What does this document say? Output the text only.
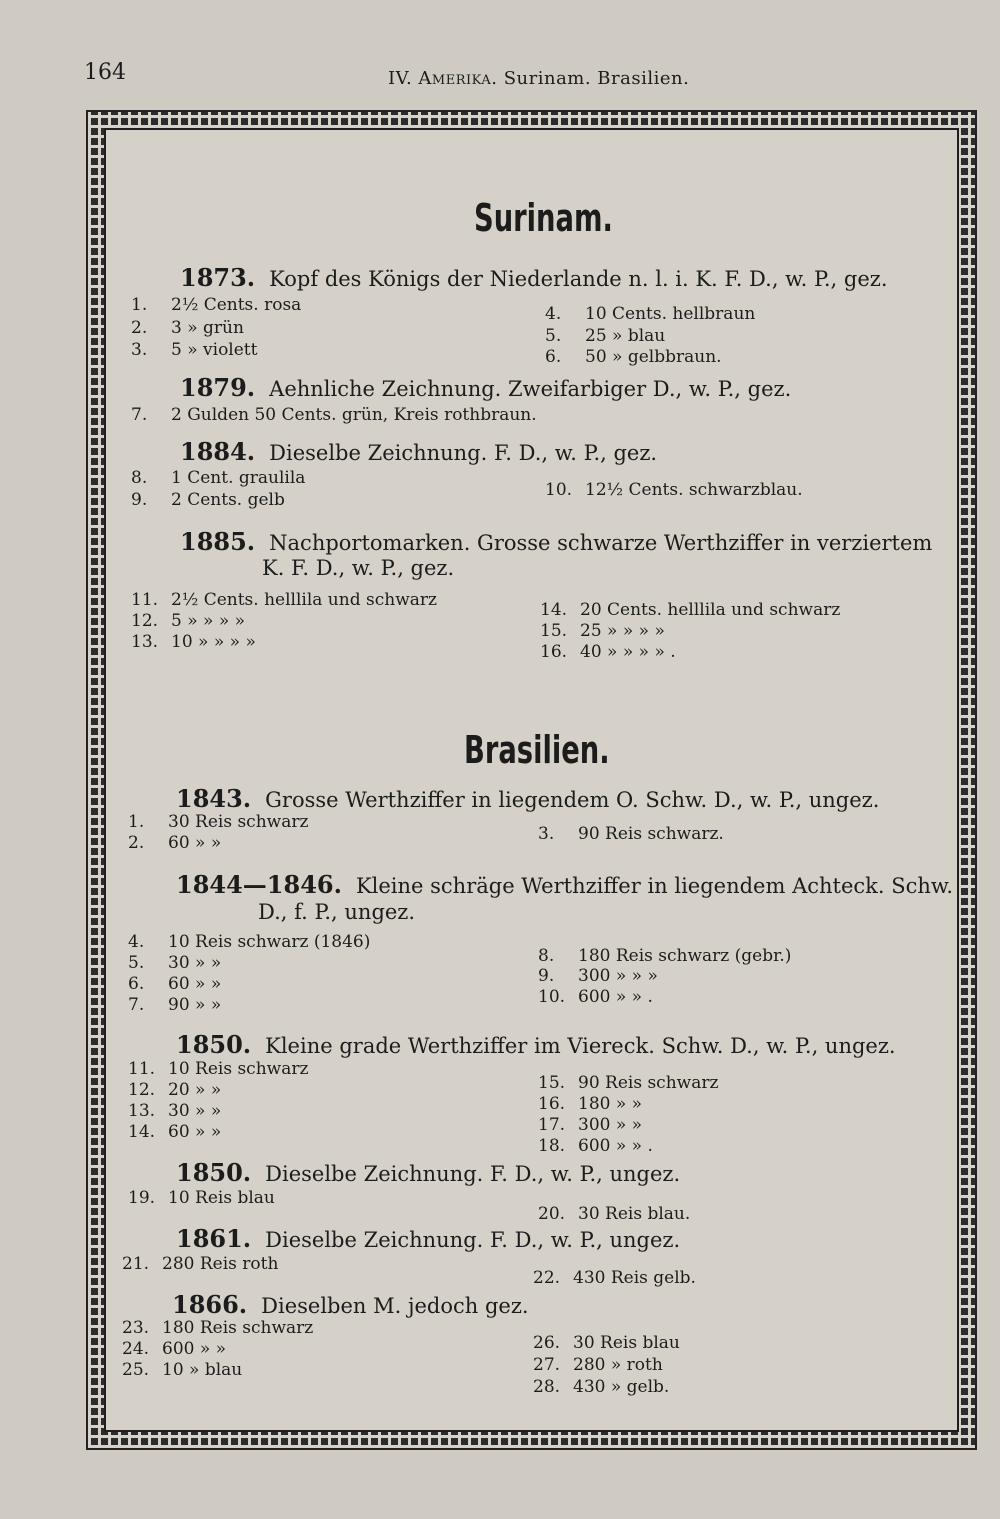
164	IV. Amerika. Surinam. Brasilien.
Surinam.
1873. Kopf des Königs der Niederlande n. l. i. K. F. D., w. P., gez.
1. 2½ Cents. rosa
2. 3 » grün
3. 5 » violett
4. 10 Cents. hellbraun
5. 25 » blau
6. 50 » gelbbraun.
1879. Aehnliche Zeichnung. Zweifarbiger D., w. P., gez.
7. 2 Gulden 50 Cents. grün, Kreis rothbraun.
1884. Dieselbe Zeichnung. F. D., w. P., gez.
8. 1 Cent. graulila
9. 2 Cents. gelb	10. 12½ Cents. schwarzblau.
1885. Nachportomarken. Grosse schwarze Werthziffer in verziertem
K. F. D., w. P., gez.
11. 2½ Cents. helllila und schwarz
12. 5 » » » »
13. 10 » » » »
14. 20 Cents. helllila und schwarz
15. 25 » » » »
16. 40 » » » » .
Brasilien.
1843. Grosse Werthziffer in liegendem O. Schw. D., w. P., ungez.
1. 30 Reis schwarz
2. 60 » »	3. 90 Reis schwarz.
1844—1846. Kleine schräge Werthziffer in liegendem Achteck. Schw.
D., f. P., ungez.
4. 10 Reis schwarz (1846)
5. 30 » »
6. 60 » »
7. 90 » »
8. 180 Reis schwarz (gebr.)
9. 300 » » »
10. 600 » » .
1850. Kleine grade Werthziffer im Viereck. Schw. D., w. P., ungez.
11. 10 Reis schwarz
12. 20 » »
13. 30 » »
14. 60 » »
15. 90 Reis schwarz
16. 180 » »
17. 300 » »
18. 600 » » .
1850. Dieselbe Zeichnung. F. D., w. P., ungez.
19. 10 Reis blau
20. 30 Reis blau.
1861. Dieselbe Zeichnung. F. D., w. P., ungez.
21. 280 Reis roth
22. 430 Reis gelb.
1866. Dieselben M. jedoch gez.
23. 180 Reis schwarz
24. 600 » »
25. 10 » blau
26. 30 Reis blau
27. 280 » roth
28. 430 » gelb.
